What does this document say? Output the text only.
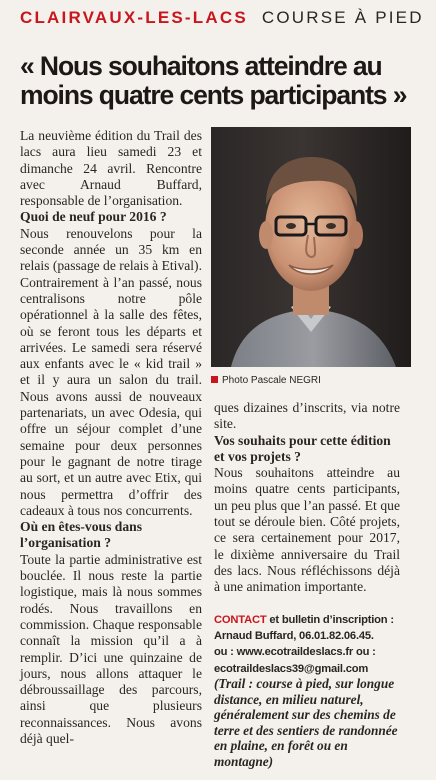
CLAIRVAUX-LES-LACS COURSE À PIED
« Nous souhaitons atteindre au moins quatre cents participants »

La neuvième édition du Trail des lacs aura lieu samedi 23 et dimanche 24 avril. Rencontre avec Arnaud Buffard, responsable de l’organisation.

Quoi de neuf pour 2016 ?

Nous renouvelons pour la seconde année un 35 km en relais (passage de relais à Etival). Contrairement à l’an passé, nous centralisons notre pôle opérationnel à la salle des fêtes, où se feront tous les départs et arrivées. Le samedi sera réservé aux enfants avec le « kid trail » et il y aura un salon du trail. Nous avons aussi de nouveaux partenariats, un avec Odesia, qui offre un séjour complet d’une semaine pour deux personnes pour le gagnant de notre tirage au sort, et un autre avec Etix, qui nous permettra d’offrir des cadeaux à tous nos concurrents.

Où en êtes-vous dans l’organisation ?

Toute la partie administrative est bouclée. Il nous reste la partie logistique, mais là nous sommes rodés. Nous travaillons en commission. Chaque responsable connaît la mission qu’il a à remplir. D’ici une quinzaine de jours, nous allons attaquer le débroussaillage des parcours, ainsi que plusieurs reconnaissances. Nous avons déjà quel-

Photo Pascale NEGRI

ques dizaines d’inscrits, via notre site.

Vos souhaits pour cette édition et vos projets ?

Nous souhaitons atteindre au moins quatre cents participants, un peu plus que l’an passé. Et que tout se déroule bien. Côté projets, ce sera certainement pour 2017, le dixième anniversaire du Trail des lacs. Nous réfléchissons déjà à une animation importante.

CONTACT et bulletin d’inscription :
Arnaud Buffard, 06.01.82.06.45.
ou : www.ecotraildeslacs.fr ou :
ecotraildeslacs39@gmail.com
(Trail : course à pied, sur longue distance, en milieu naturel, généralement sur des chemins de terre et des sentiers de randonnée en plaine, en forêt ou en montagne)
